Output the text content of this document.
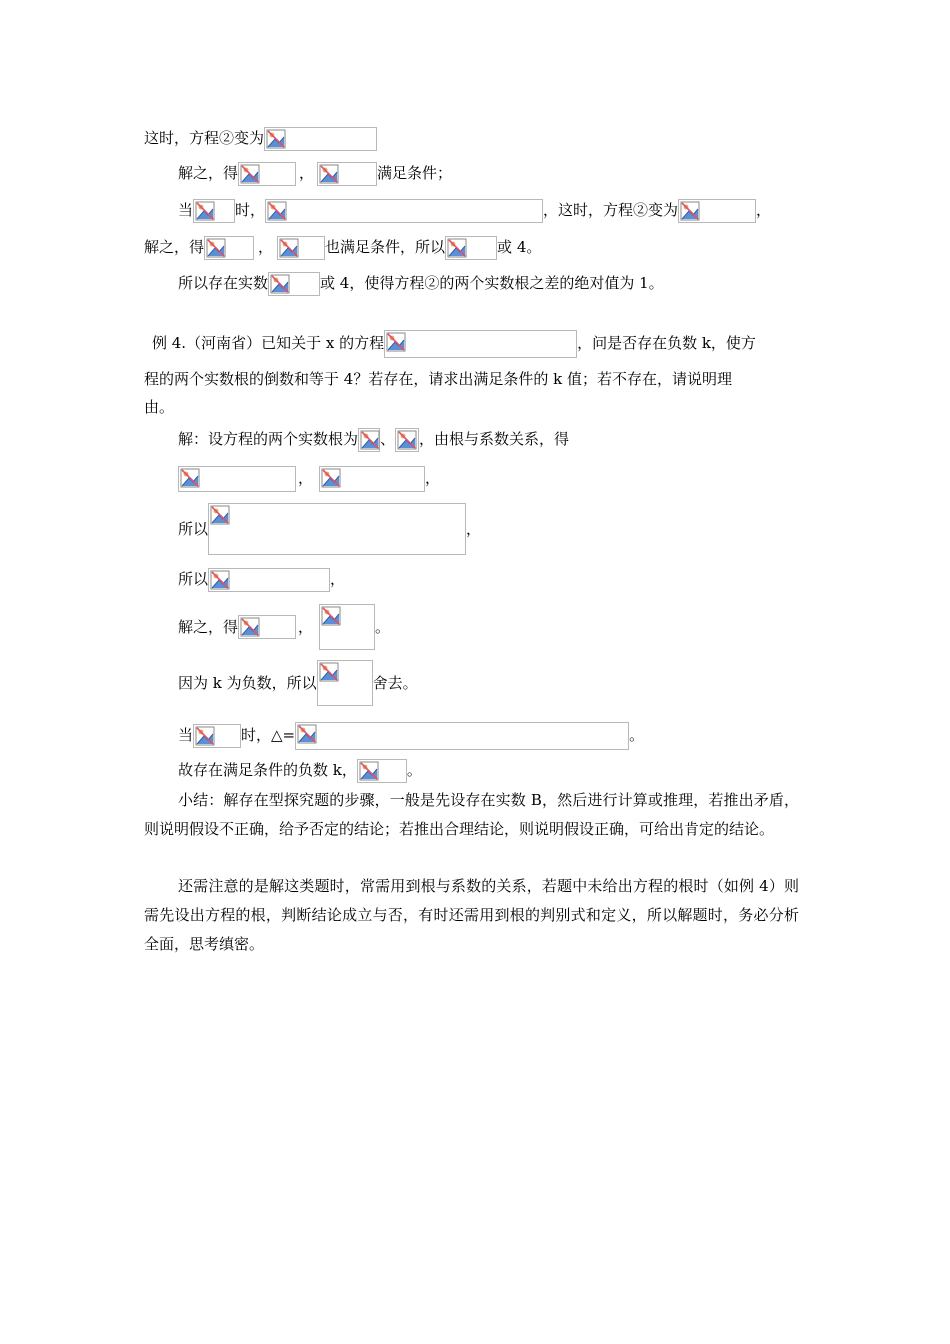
这时，方程②变为
解之，得	，	满足条件；
当	时，	，这时，方程②变为	，
解之，得	，	也满足条件，所以	或 4。
所以存在实数	或 4，使得方程②的两个实数根之差的绝对值为 1。
例 4.（河南省）已知关于 x 的方程	，问是否存在负数 k，使方
程的两个实数根的倒数和等于 4？若存在，请求出满足条件的 k 值；若不存在，请说明理
由。
解：设方程的两个实数根为 、 ，由根与系数关系，得
，	，
所以	，
所以	，
解之，得	，	。
因为 k 为负数，所以	舍去。
当	时，△=	。
故存在满足条件的负数 k，	。
小结：解存在型探究题的步骤，一般是先设存在实数 B，然后进行计算或推理，若推出矛盾，则说明假设不正确，给予否定的结论；若推出合理结论，则说明假设正确，可给出肯定的结论。
还需注意的是解这类题时，常需用到根与系数的关系，若题中未给出方程的根时（如例 4）则需先设出方程的根，判断结论成立与否，有时还需用到根的判别式和定义，所以解题时，务必分析全面，思考缜密。
